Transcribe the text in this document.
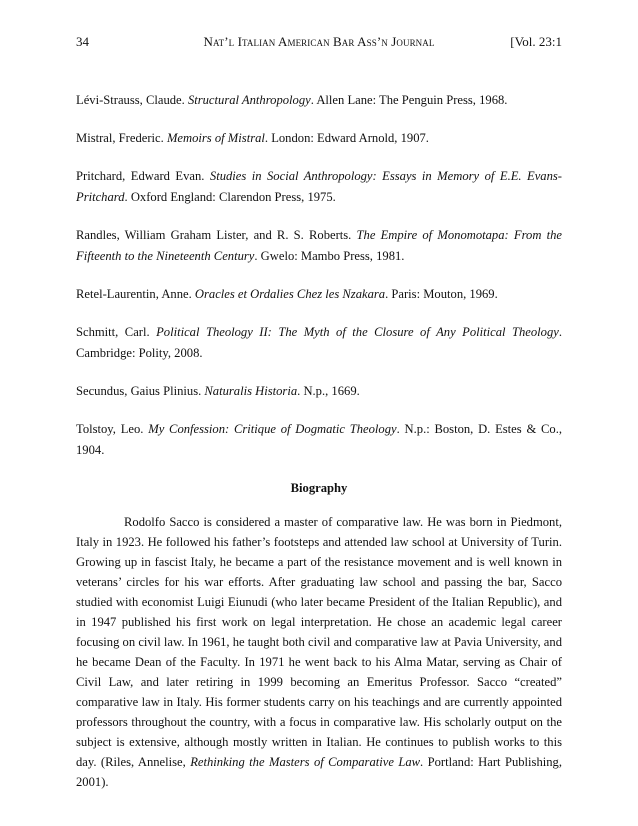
34	Nat’l Italian American Bar Ass’n Journal	[Vol. 23:1

Lévi-Strauss, Claude. Structural Anthropology. Allen Lane: The Penguin Press, 1968.

Mistral, Frederic. Memoirs of Mistral. London: Edward Arnold, 1907.

Pritchard, Edward Evan. Studies in Social Anthropology: Essays in Memory of E.E. Evans-Pritchard. Oxford England: Clarendon Press, 1975.

Randles, William Graham Lister, and R. S. Roberts. The Empire of Monomotapa: From the Fifteenth to the Nineteenth Century. Gwelo: Mambo Press, 1981.

Retel-Laurentin, Anne. Oracles et Ordalies Chez les Nzakara. Paris: Mouton, 1969.

Schmitt, Carl. Political Theology II: The Myth of the Closure of Any Political Theology. Cambridge: Polity, 2008.

Secundus, Gaius Plinius. Naturalis Historia. N.p., 1669.

Tolstoy, Leo. My Confession: Critique of Dogmatic Theology. N.p.: Boston, D. Estes & Co., 1904.

Biography

Rodolfo Sacco is considered a master of comparative law. He was born in Piedmont, Italy in 1923. He followed his father’s footsteps and attended law school at University of Turin. Growing up in fascist Italy, he became a part of the resistance movement and is well known in veterans’ circles for his war efforts. After graduating law school and passing the bar, Sacco studied with economist Luigi Eiunudi (who later became President of the Italian Republic), and in 1947 published his first work on legal interpretation. He chose an academic legal career focusing on civil law. In 1961, he taught both civil and comparative law at Pavia University, and he became Dean of the Faculty. In 1971 he went back to his Alma Matar, serving as Chair of Civil Law, and later retiring in 1999 becoming an Emeritus Professor. Sacco “created” comparative law in Italy. His former students carry on his teachings and are currently appointed professors throughout the country, with a focus in comparative law. His scholarly output on the subject is extensive, although mostly written in Italian. He continues to publish works to this day. (Riles, Annelise, Rethinking the Masters of Comparative Law. Portland: Hart Publishing, 2001).
